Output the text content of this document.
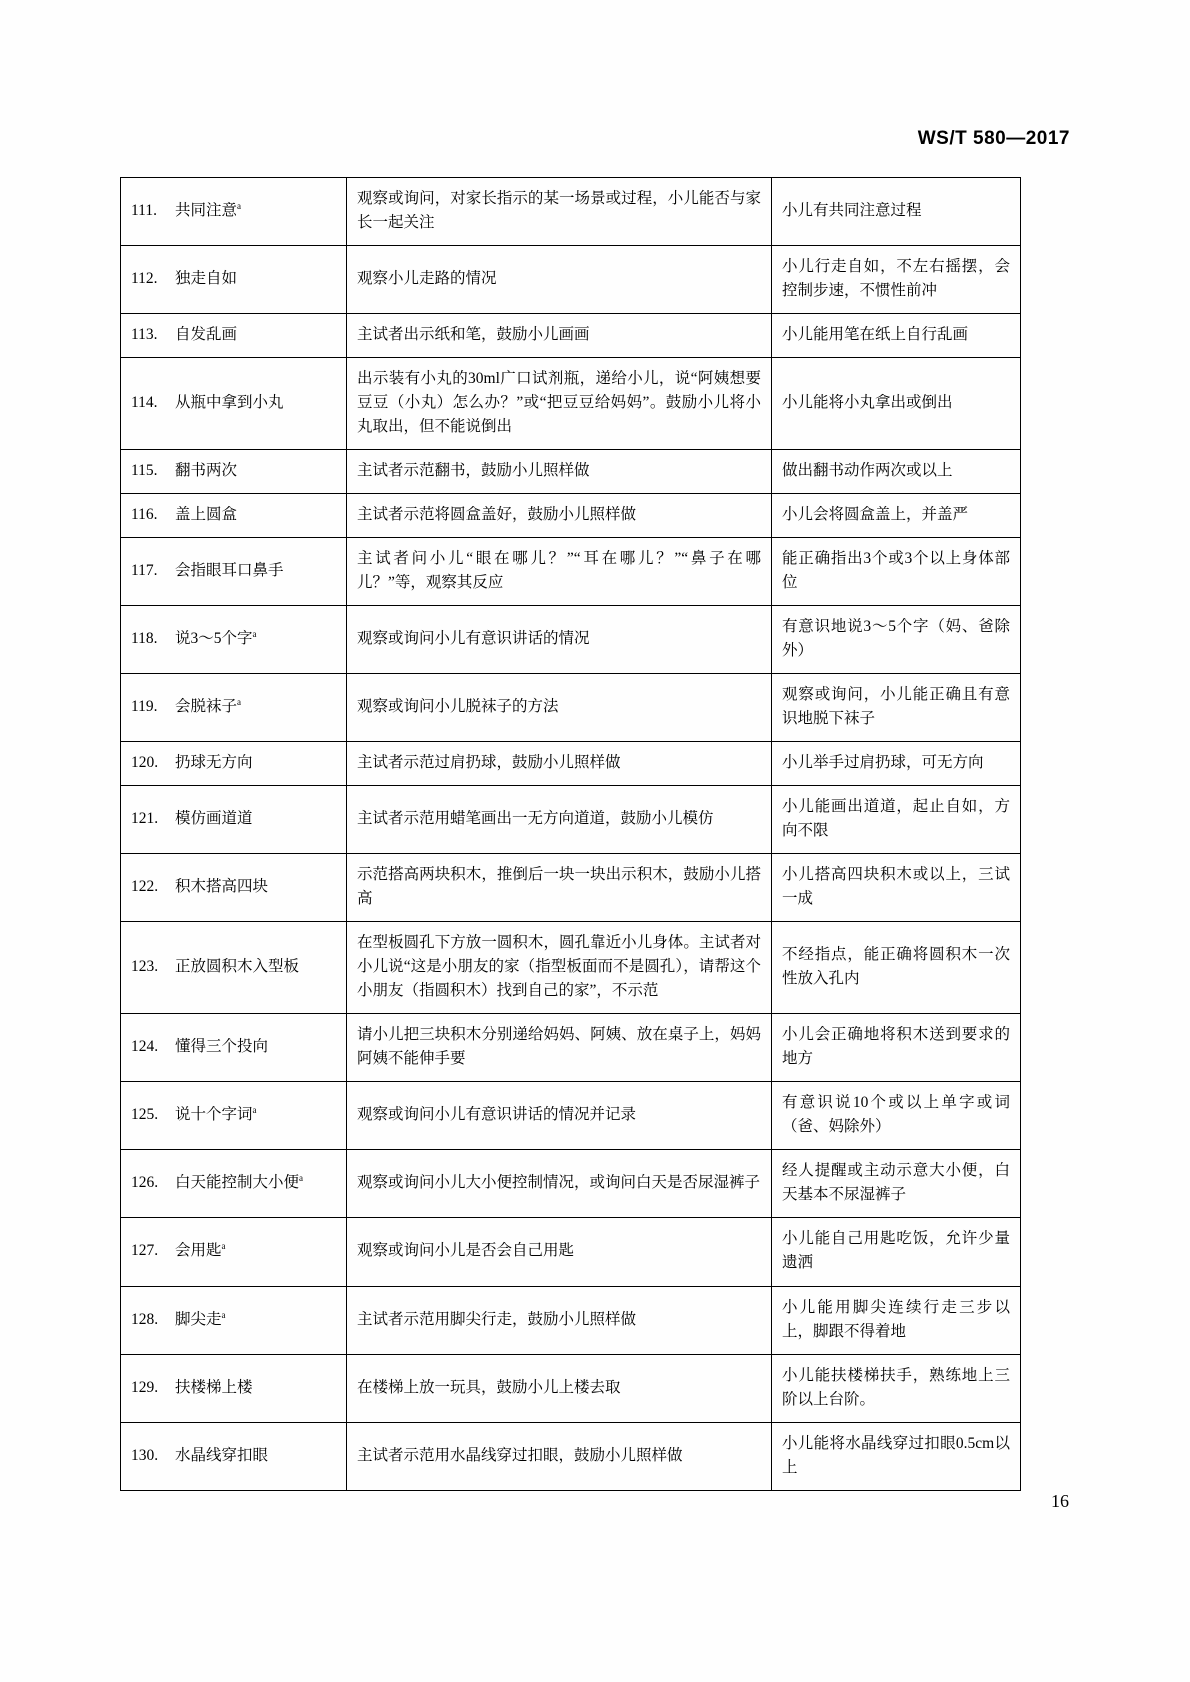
WS/T 580—2017
111. 共同注意$^a$	观察或询问，对家长指示的某一场景或过程，小儿能否与家长一起关注	小儿有共同注意过程
112. 独走自如	观察小儿走路的情况	小儿行走自如，不左右摇摆，会控制步速，不惯性前冲
113. 自发乱画	主试者出示纸和笔，鼓励小儿画画	小儿能用笔在纸上自行乱画
114. 从瓶中拿到小丸	出示装有小丸的30ml广口试剂瓶，递给小儿，说“阿姨想要豆豆（小丸）怎么办？”或“把豆豆给妈妈”。鼓励小儿将小丸取出，但不能说倒出	小儿能将小丸拿出或倒出
115. 翻书两次	主试者示范翻书，鼓励小儿照样做	做出翻书动作两次或以上
116. 盖上圆盒	主试者示范将圆盒盖好，鼓励小儿照样做	小儿会将圆盒盖上，并盖严
117. 会指眼耳口鼻手	主试者问小儿“眼在哪儿？”“耳在哪儿？”“鼻子在哪儿？”等，观察其反应	能正确指出3个或3个以上身体部位
118. 说3～5个字$^a$	观察或询问小儿有意识讲话的情况	有意识地说3～5个字（妈、爸除外）
119. 会脱袜子$^a$	观察或询问小儿脱袜子的方法	观察或询问，小儿能正确且有意识地脱下袜子
120. 扔球无方向	主试者示范过肩扔球，鼓励小儿照样做	小儿举手过肩扔球，可无方向
121. 模仿画道道	主试者示范用蜡笔画出一无方向道道，鼓励小儿模仿	小儿能画出道道，起止自如，方向不限
122. 积木搭高四块	示范搭高两块积木，推倒后一块一块出示积木，鼓励小儿搭高	小儿搭高四块积木或以上，三试一成
123. 正放圆积木入型板	在型板圆孔下方放一圆积木，圆孔靠近小儿身体。主试者对小儿说“这是小朋友的家（指型板面而不是圆孔），请帮这个小朋友（指圆积木）找到自己的家”，不示范	不经指点，能正确将圆积木一次性放入孔内
124. 懂得三个投向	请小儿把三块积木分别递给妈妈、阿姨、放在桌子上，妈妈阿姨不能伸手要	小儿会正确地将积木送到要求的地方
125. 说十个字词$^a$	观察或询问小儿有意识讲话的情况并记录	有意识说10个或以上单字或词（爸、妈除外）
126. 白天能控制大小便$^a$	观察或询问小儿大小便控制情况，或询问白天是否尿湿裤子	经人提醒或主动示意大小便，白天基本不尿湿裤子
127. 会用匙$^a$	观察或询问小儿是否会自己用匙	小儿能自己用匙吃饭，允许少量遗洒
128. 脚尖走$^a$	主试者示范用脚尖行走，鼓励小儿照样做	小儿能用脚尖连续行走三步以上，脚跟不得着地
129. 扶楼梯上楼	在楼梯上放一玩具，鼓励小儿上楼去取	小儿能扶楼梯扶手，熟练地上三阶以上台阶。
130. 水晶线穿扣眼	主试者示范用水晶线穿过扣眼，鼓励小儿照样做	小儿能将水晶线穿过扣眼0.5cm以上
16
